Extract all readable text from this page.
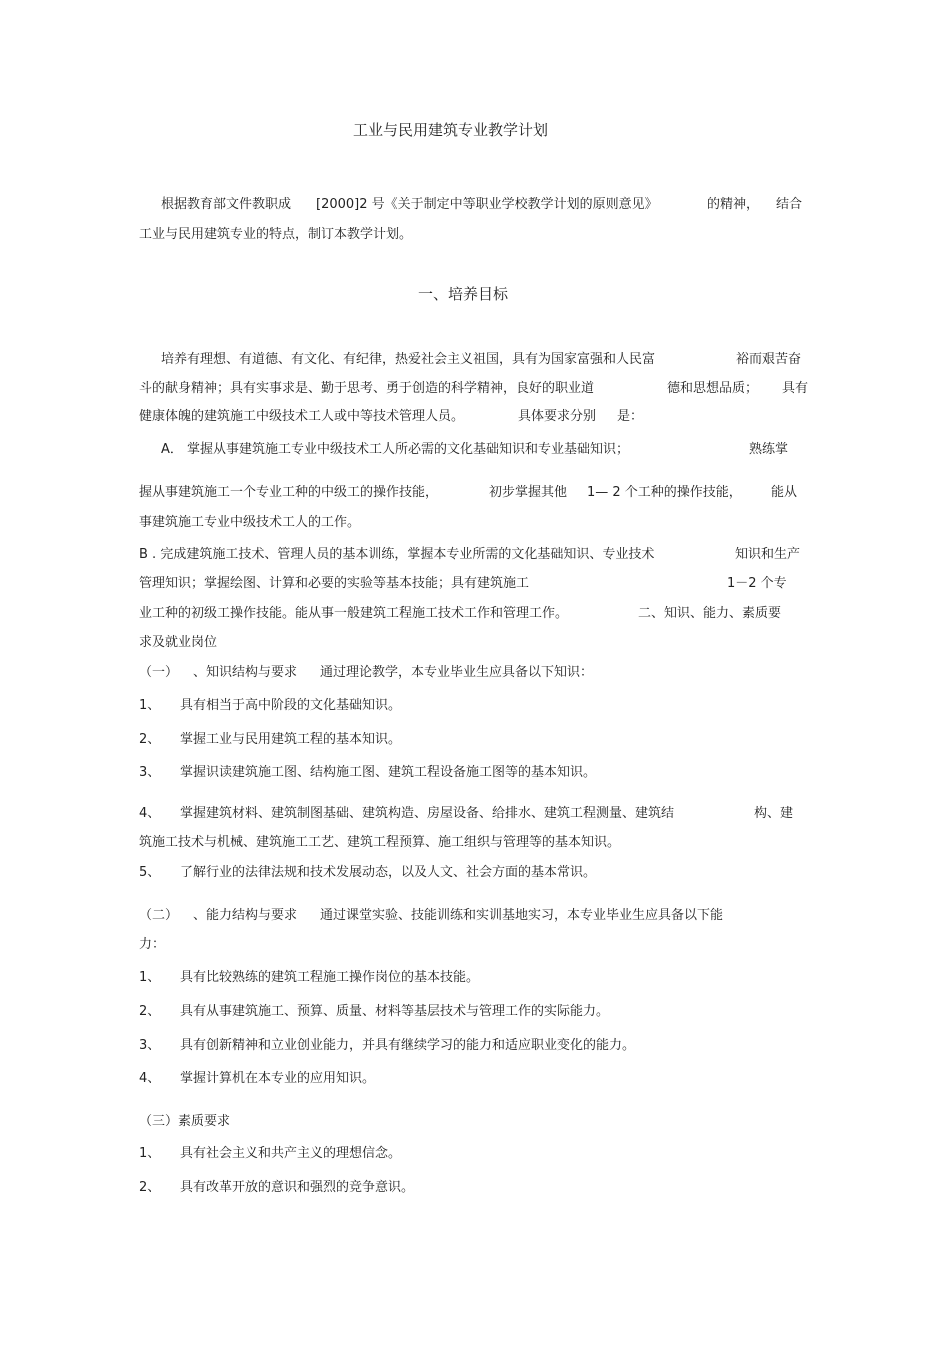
工业与民用建筑专业教学计划
根据教育部文件教职成 [2000]2 号《关于制定中等职业学校教学计划的原则意见》	的精神， 结合
工业与民用建筑专业的特点，制订本教学计划。
一、培养目标
培养有理想、有道德、有文化、有纪律，热爱社会主义祖国，具有为国家富强和人民富	裕而艰苦奋
斗的献身精神；具有实事求是、勤于思考、勇于创造的科学精神，良好的职业道	德和思想品质； 具有
健康体魄的建筑施工中级技术工人或中等技术管理人员。	具体要求分别 是：
A． 掌握从事建筑施工专业中级技术工人所必需的文化基础知识和专业基础知识；	熟练掌
握从事建筑施工一个专业工种的中级工的操作技能，	初步掌握其他 1— 2 个工种的操作技能， 能从
事建筑施工专业中级技术工人的工作。
B . 完成建筑施工技术、管理人员的基本训练，掌握本专业所需的文化基础知识、专业技术	知识和生产
管理知识；掌握绘图、计算和必要的实验等基本技能；具有建筑施工	1－2 个专
业工种的初级工操作技能。能从事一般建筑工程施工技术工作和管理工作。	二、知识、能力、素质要
求及就业岗位
（一） 、知识结构与要求 通过理论教学，本专业毕业生应具备以下知识：
1、 具有相当于高中阶段的文化基础知识。
2、 掌握工业与民用建筑工程的基本知识。
3、 掌握识读建筑施工图、结构施工图、建筑工程设备施工图等的基本知识。
4、 掌握建筑材料、建筑制图基础、建筑构造、房屋设备、给排水、建筑工程测量、建筑结	构、建
筑施工技术与机械、建筑施工工艺、建筑工程预算、施工组织与管理等的基本知识。
5、 了解行业的法律法规和技术发展动态，以及人文、社会方面的基本常识。
（二） 、能力结构与要求 通过课堂实验、技能训练和实训基地实习，本专业毕业生应具备以下能
力：
1、 具有比较熟练的建筑工程施工操作岗位的基本技能。
2、 具有从事建筑施工、预算、质量、材料等基层技术与管理工作的实际能力。
3、 具有创新精神和立业创业能力，并具有继续学习的能力和适应职业变化的能力。
4、 掌握计算机在本专业的应用知识。
（三）素质要求
1、 具有社会主义和共产主义的理想信念。
2、 具有改革开放的意识和强烈的竞争意识。
